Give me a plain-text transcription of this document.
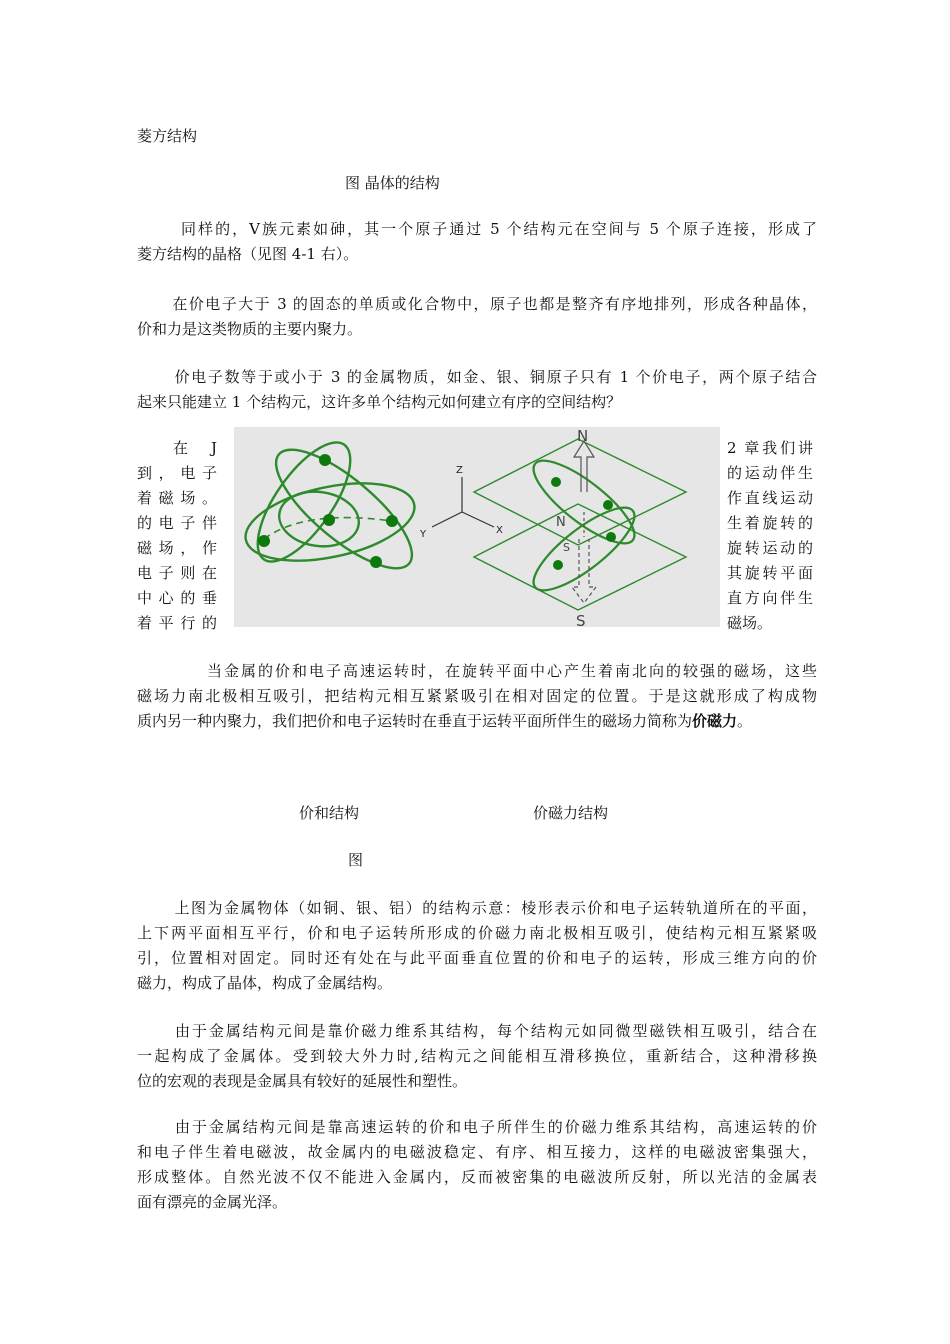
菱方结构
图 晶体的结构
同样的，Ⅴ族元素如砷，其一个原子通过 5 个结构元在空间与 5 个原子连接，形成了
菱方结构的晶格（见图 4-1 右）。
在价电子大于 3 的固态的单质或化合物中，原子也都是整齐有序地排列，形成各种晶体，
价和力是这类物质的主要内聚力。
价电子数等于或小于 3 的金属物质，如金、银、铜原子只有 1 个价电子，两个原子结合
起来只能建立 1 个结构元，这许多单个结构元如何建立有序的空间结构？
在　J
到，电子
着磁场。
的电子伴
磁场，作
电子则在
中心的垂
着平行的
Z
Y	X
N
N
S
S
2 章我们讲
的运动伴生
作直线运动
生着旋转的
旋转运动的
其旋转平面
直方向伴生
磁场。
当金属的价和电子高速运转时，在旋转平面中心产生着南北向的较强的磁场，这些
磁场力南北极相互吸引，把结构元相互紧紧吸引在相对固定的位置。于是这就形成了构成物
质内另一种内聚力，我们把价和电子运转时在垂直于运转平面所伴生的磁场力简称为价磁力。
价和结构	价磁力结构
图
上图为金属物体（如铜、银、铝）的结构示意：棱形表示价和电子运转轨道所在的平面，
上下两平面相互平行，价和电子运转所形成的价磁力南北极相互吸引，使结构元相互紧紧吸
引，位置相对固定。同时还有处在与此平面垂直位置的价和电子的运转，形成三维方向的价
磁力，构成了晶体，构成了金属结构。
由于金属结构元间是靠价磁力维系其结构，每个结构元如同微型磁铁相互吸引，结合在
一起构成了金属体。受到较大外力时,结构元之间能相互滑移换位，重新结合，这种滑移换
位的宏观的表现是金属具有较好的延展性和塑性。
由于金属结构元间是靠高速运转的价和电子所伴生的价磁力维系其结构，高速运转的价
和电子伴生着电磁波，故金属内的电磁波稳定、有序、相互接力，这样的电磁波密集强大，
形成整体。自然光波不仅不能进入金属内，反而被密集的电磁波所反射，所以光洁的金属表
面有漂亮的金属光泽。
